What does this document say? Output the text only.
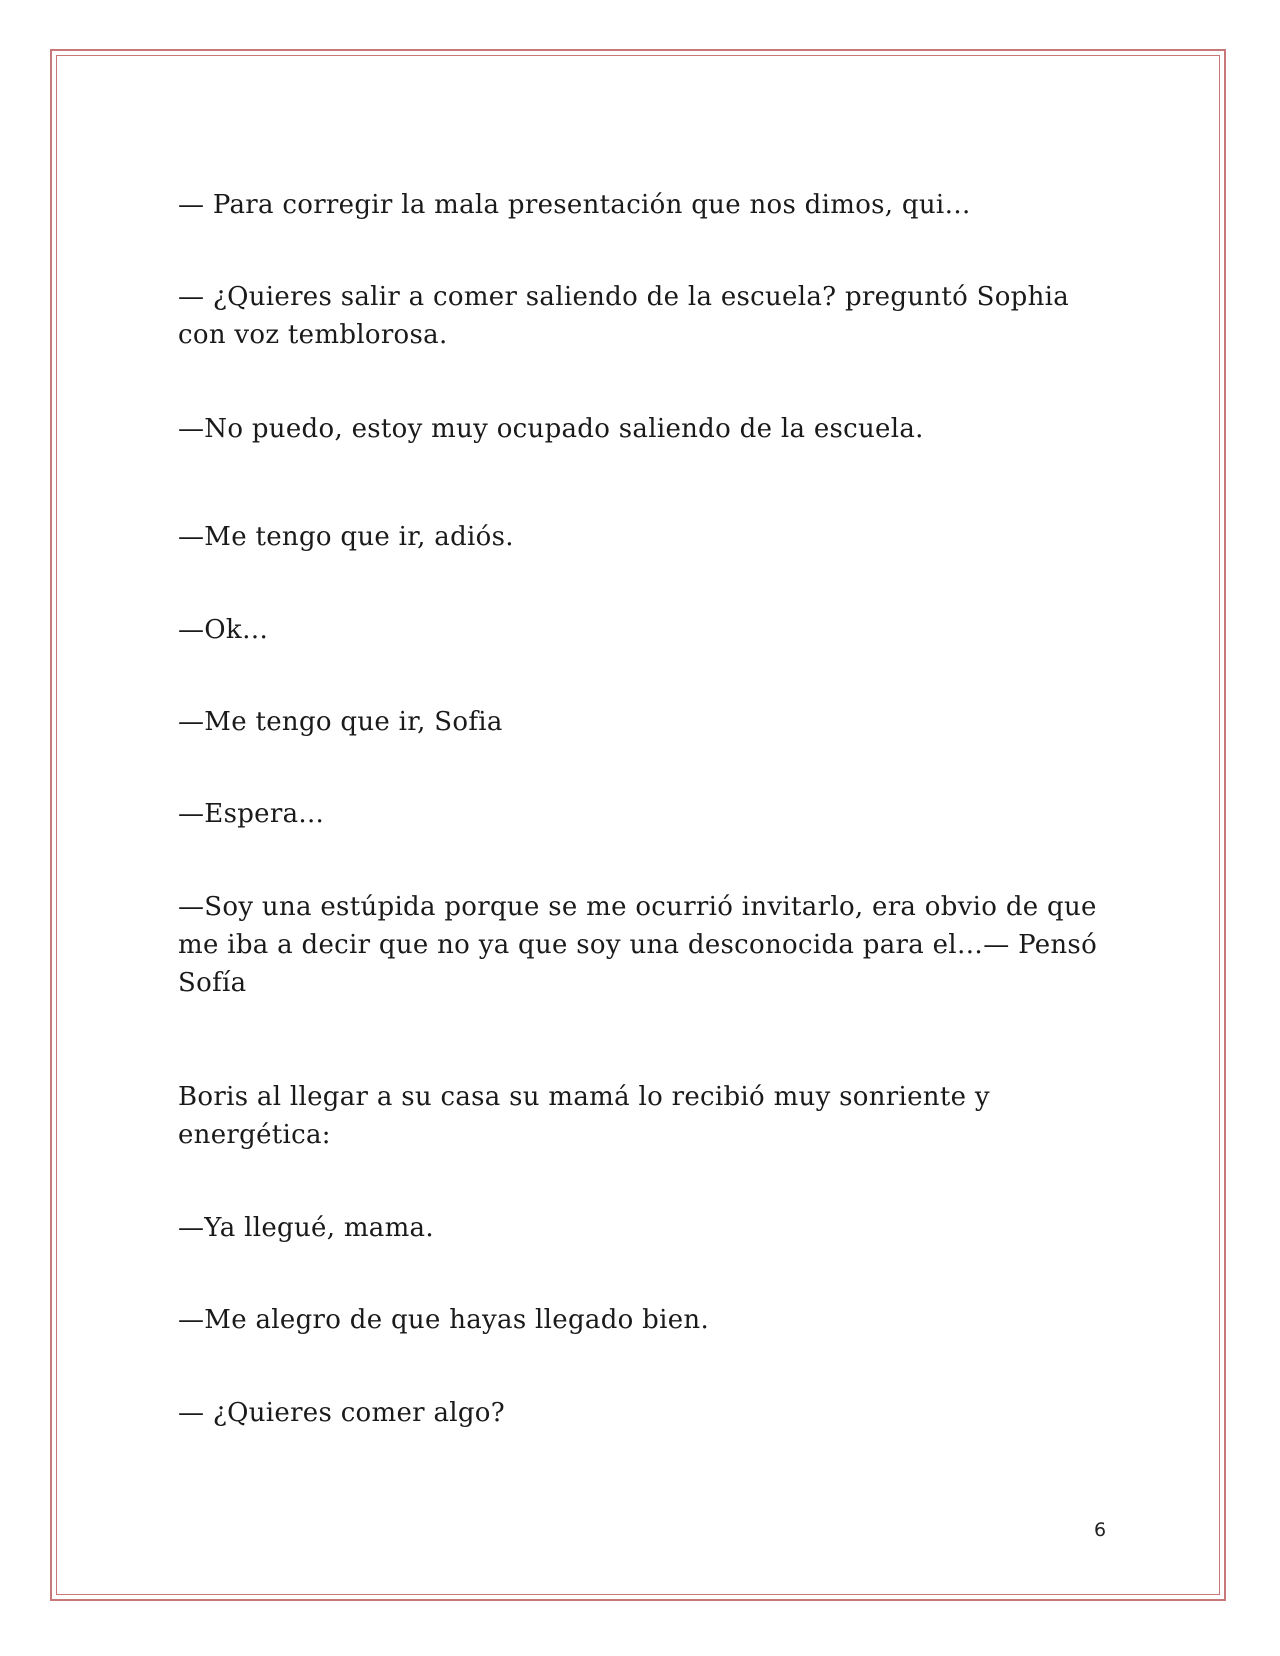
— Para corregir la mala presentación que nos dimos, qui…

— ¿Quieres salir a comer saliendo de la escuela? preguntó Sophia con voz temblorosa.

—No puedo, estoy muy ocupado saliendo de la escuela.

—Me tengo que ir, adiós.

—Ok…

—Me tengo que ir, Sofia

—Espera...

—Soy una estúpida porque se me ocurrió invitarlo, era obvio de que me iba a decir que no ya que soy una desconocida para el…— Pensó Sofía

Boris al llegar a su casa su mamá lo recibió muy sonriente y energética:

—Ya llegué, mama.

—Me alegro de que hayas llegado bien.

— ¿Quieres comer algo?

6
